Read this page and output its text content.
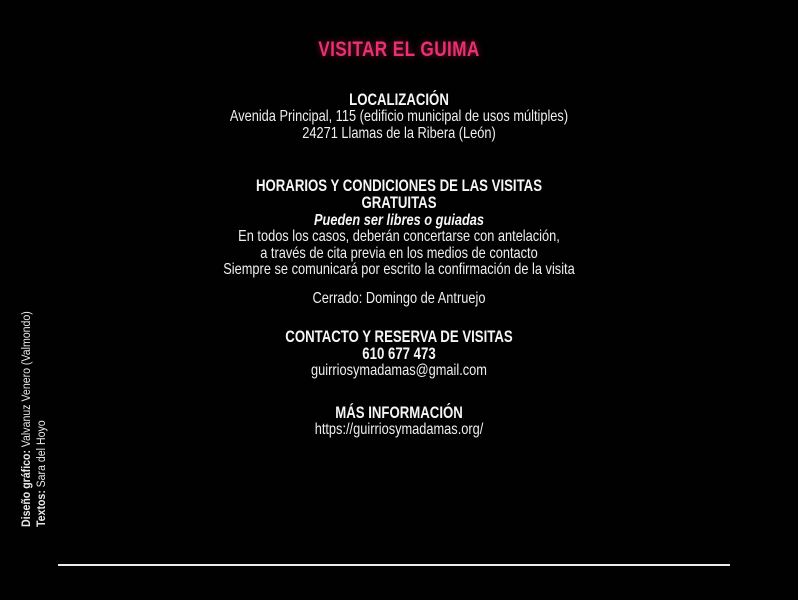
VISITAR EL GUIMA
LOCALIZACIÓN
Avenida Principal, 115 (edificio municipal de usos múltiples)
24271 Llamas de la Ribera (León)
HORARIOS Y CONDICIONES DE LAS VISITAS
GRATUITAS
Pueden ser libres o guiadas
En todos los casos, deberán concertarse con antelación,
a través de cita previa en los medios de contacto
Siempre se comunicará por escrito la confirmación de la visita
Cerrado: Domingo de Antruejo
CONTACTO Y RESERVA DE VISITAS
610 677 473
guirriosymadamas@gmail.com
MÁS INFORMACIÓN
https://guirriosymadamas.org/
Diseño gráfico:Valvanuz Venero (Valmondo)
Textos:Sara del Hoyo
